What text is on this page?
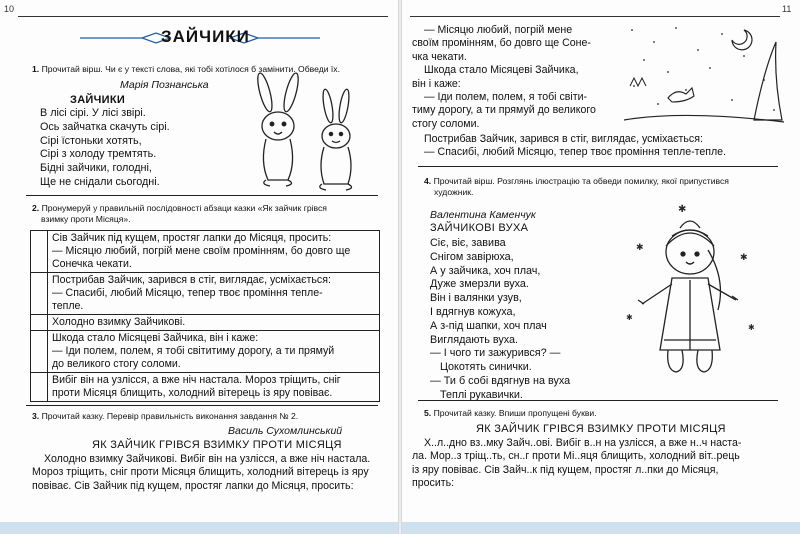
10
ЗАЙЧИКИ
1. Прочитай вірш. Чи є у тексті слова, які тобі хотілося б замінити. Обведи їх.
Марія Познанська
ЗАЙЧИКИ
В лісі сірі. У лісі звірі.
Ось зайчатка скачуть сірі.
Сірі їстоньки хотять,
Сірі з холоду тремтять.
Бідні зайчики, голодні,
Ще не снідали сьогодні.
2. Пронумеруй у правильній послідовності абзаци казки «Як зайчик грівся
взимку проти Місяця».

	Сів Зайчик під кущем, простяг лапки до Місяця, просить:
— Місяцю любий, погрій мене своїм промінням, бо довго ще
Сонечка чекати.

	Пострибав Зайчик, зарився в стіг, виглядає, усміхається:
— Спасибі, любий Місяцю, тепер твоє проміння тепле-
тепле.

	Холодно взимку Зайчикові.

	Шкода стало Місяцеві Зайчика, він і каже:
— Іди полем, полем, я тобі світитиму дорогу, а ти прямуй
до великого стогу соломи.

	Вибіг він на узлісся, а вже ніч настала. Мороз тріщить, сніг
проти Місяця блищить, холодний вітерець із яру повіває.
3. Прочитай казку. Перевір правильність виконання завдання № 2.
Василь Сухомлинський
ЯК ЗАЙЧИК ГРІВСЯ ВЗИМКУ ПРОТИ МІСЯЦЯ
Холодно взимку Зайчикові. Вибіг він на узлісся, а вже ніч настала.
Мороз тріщить, сніг проти Місяця блищить, холодний вітерець із яру
повіває. Сів Зайчик під кущем, простяг лапки до Місяця, просить:
11
— Місяцю любий, погрій мене
своїм промінням, бо довго ще Соне-
чка чекати.
Шкода стало Місяцеві Зайчика,
він і каже:
— Іди полем, полем, я тобі світи-
тиму дорогу, а ти прямуй до великого
стогу соломи.
Пострибав Зайчик, зарився в стіг, виглядає, усміхається:
— Спасибі, любий Місяцю, тепер твоє проміння тепле-тепле.
4. Прочитай вірш. Розглянь ілюстрацію та обведи помилку, якої припустився
художник.
Валентина Каменчук
ЗАЙЧИКОВІ ВУХА
Сіє, віє, завива
Снігом завірюха,
А у зайчика, хоч плач,
Дуже змерзли вуха.
Він і валянки узув,
І вдягнув кожуха,
А з-під шапки, хоч плач
Виглядають вуха.
— І чого ти зажурився? —
Цокотять синички.
— Ти б собі вдягнув на вуха
Теплі рукавички.
✱
✱
✱
✱
✱
5. Прочитай казку. Впиши пропущені букви.
ЯК ЗАЙЧИК ГРІВСЯ ВЗИМКУ ПРОТИ МІСЯЦЯ
Х..л..дно вз..мку Зайч..ові. Вибіг в..н на узлісся, а вже н..ч наста-
ла. Мор..з тріщ..ть, сн..г проти Мі..яця блищить, холодний віт..рець
із яру повіває. Сів Зайч..к під кущем, простяг л..пки до Місяця,
просить:
